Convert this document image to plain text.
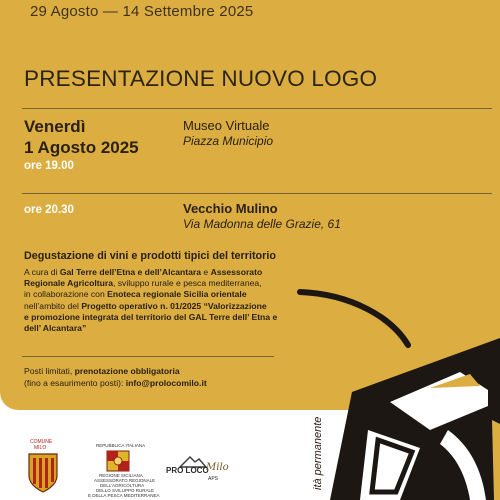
29 Agosto — 14 Settembre 2025
PRESENTAZIONE NUOVO LOGO
Venerdì
1 Agosto 2025
ore 19.00
Museo Virtuale
Piazza Municipio
ore 20.30	Vecchio Mulino
Via Madonna delle Grazie, 61
Degustazione di vini e prodotti tipici del territorio
A cura di Gal Terre dell’Etna e dell’Alcantara e Assessorato
Regionale Agricoltura, sviluppo rurale e pesca mediterranea,
in collaborazione con Enoteca regionale Sicilia orientale
nell’ambito del Progetto operativo n. 01/2025 “Valorizzazione
e promozione integrata del territorio del GAL Terre dell’ Etna e
dell’ Alcantara”
Posti limitati, prenotazione obbligatoria
(fino a esaurimento posti): info@prolocomilo.it
ità permanente
COMUNE
MILO	REPUBBLICA ITALIANA
REGIONE SICILIANA
ASSESSORATO REGIONALE
DELL’AGRICOLTURA
DELLO SVILUPPO RURALE
E DELLA PESCA MEDITERRANEA
PRO LOCO
Milo
APS
